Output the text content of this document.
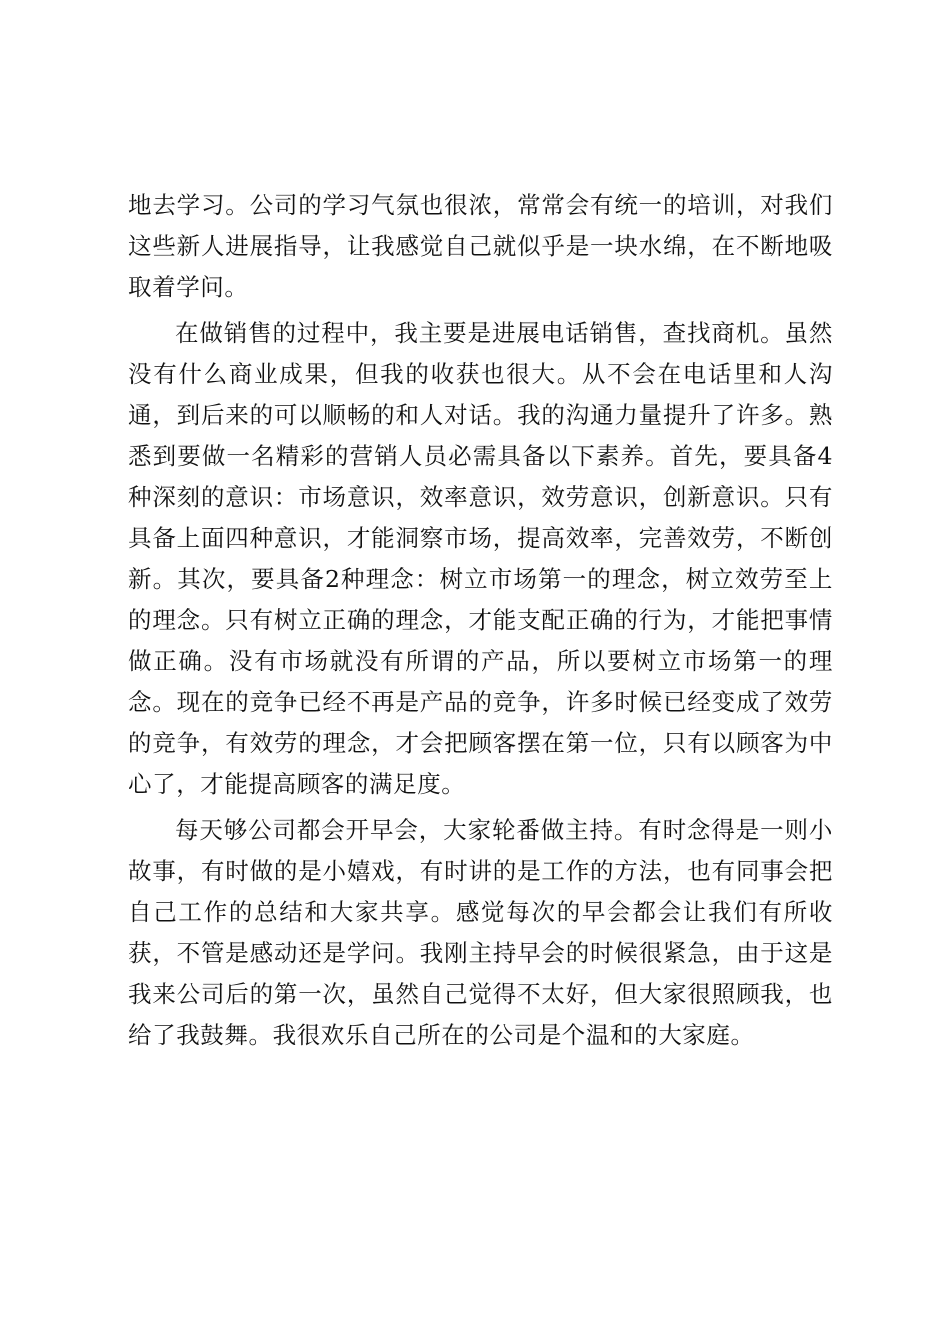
地去学习。公司的学习气氛也很浓，常常会有统一的培训，对我们这些新人进展指导，让我感觉自己就似乎是一块水绵，在不断地吸取着学问。

在做销售的过程中，我主要是进展电话销售，查找商机。虽然没有什么商业成果，但我的收获也很大。从不会在电话里和人沟通，到后来的可以顺畅的和人对话。我的沟通力量提升了许多。熟悉到要做一名精彩的营销人员必需具备以下素养。首先，要具备4种深刻的意识：市场意识，效率意识，效劳意识，创新意识。只有具备上面四种意识，才能洞察市场，提高效率，完善效劳，不断创新。其次，要具备2种理念：树立市场第一的理念，树立效劳至上的理念。只有树立正确的理念，才能支配正确的行为，才能把事情做正确。没有市场就没有所谓的产品，所以要树立市场第一的理念。现在的竞争已经不再是产品的竞争，许多时候已经变成了效劳的竞争，有效劳的理念，才会把顾客摆在第一位，只有以顾客为中心了，才能提高顾客的满足度。

每天够公司都会开早会，大家轮番做主持。有时念得是一则小故事，有时做的是小嬉戏，有时讲的是工作的方法，也有同事会把自己工作的总结和大家共享。感觉每次的早会都会让我们有所收获，不管是感动还是学问。我刚主持早会的时候很紧急，由于这是我来公司后的第一次，虽然自己觉得不太好，但大家很照顾我，也给了我鼓舞。我很欢乐自己所在的公司是个温和的大家庭。
